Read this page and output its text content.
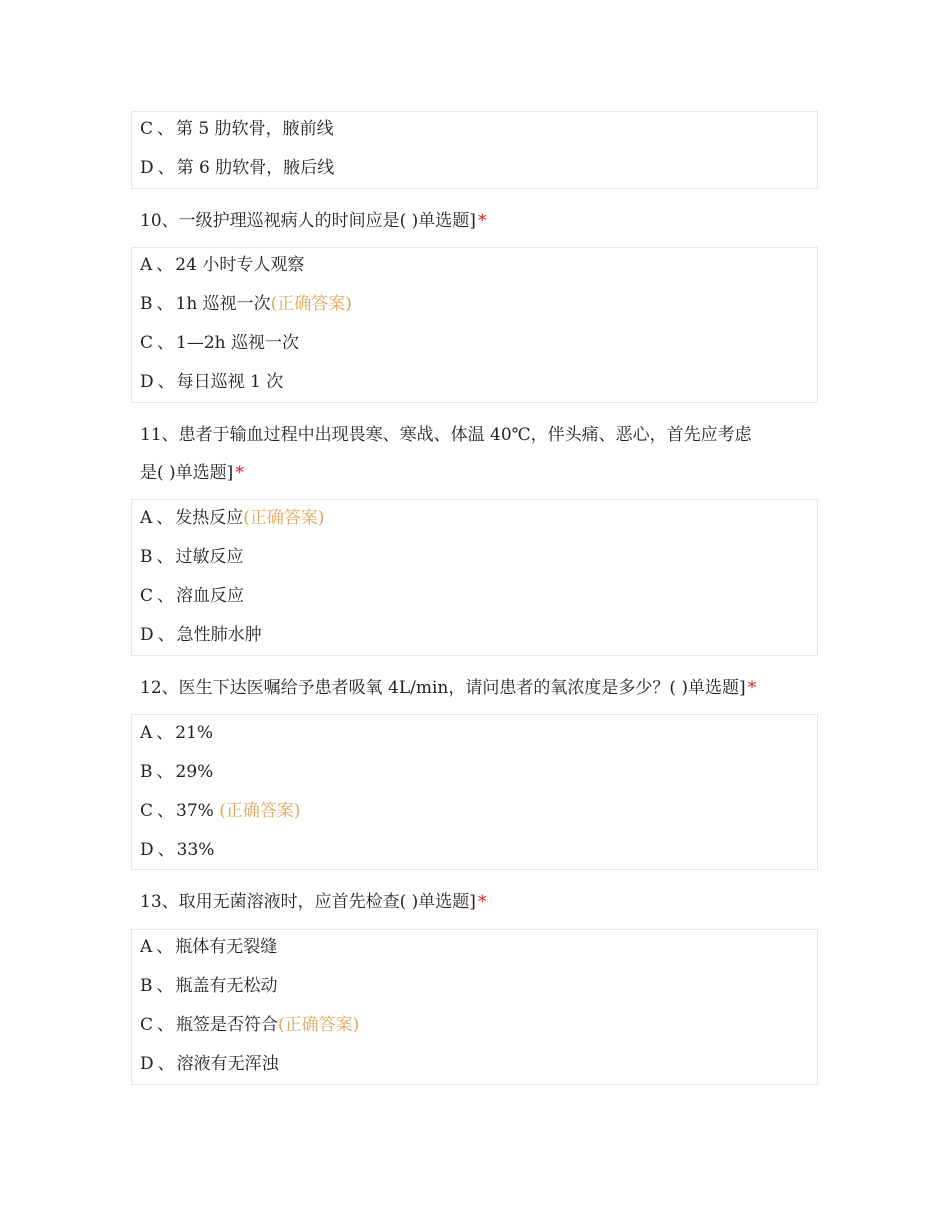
C 、 第 5 肋软骨，腋前线
D 、 第 6 肋软骨，腋后线
10、一级护理巡视病人的时间应是( )单选题] *
A 、 24 小时专人观察
B 、 1h 巡视一次(正确答案)
C 、 1—2h 巡视一次
D 、 每日巡视 1 次
11、患者于输血过程中出现畏寒、寒战、体温 40℃，伴头痛、恶心，首先应考虑
是( )单选题] *
A 、 发热反应(正确答案)
B 、 过敏反应
C 、 溶血反应
D 、 急性肺水肿
12、医生下达医嘱给予患者吸氧 4L/min，请问患者的氧浓度是多少？( )单选题] *
A 、 21%
B 、 29%
C 、 37% (正确答案)
D 、 33%
13、取用无菌溶液时，应首先检查( )单选题] *
A 、 瓶体有无裂缝
B 、 瓶盖有无松动
C 、 瓶签是否符合(正确答案)
D 、 溶液有无浑浊
